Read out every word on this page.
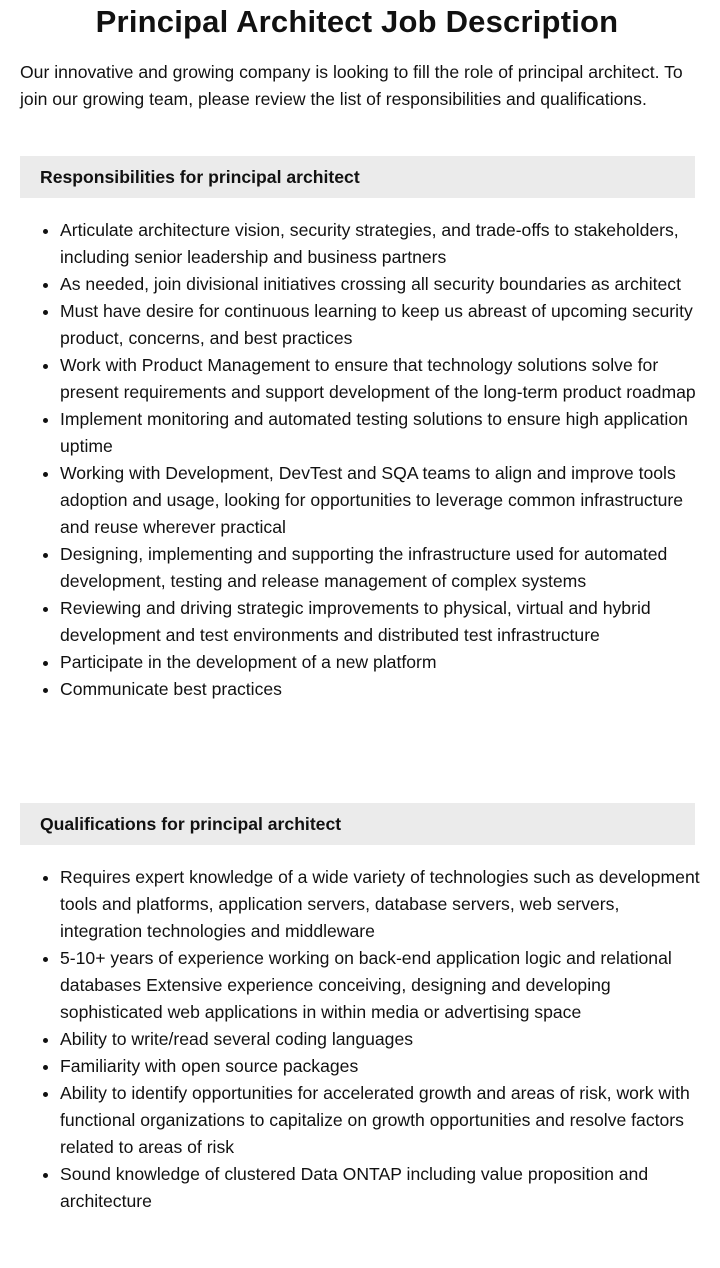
Principal Architect Job Description

Our innovative and growing company is looking to fill the role of principal architect. To join our growing team, please review the list of responsibilities and qualifications.

Responsibilities for principal architect
• Articulate architecture vision, security strategies, and trade-offs to stakeholders, including senior leadership and business partners
• As needed, join divisional initiatives crossing all security boundaries as architect
• Must have desire for continuous learning to keep us abreast of upcoming security product, concerns, and best practices
• Work with Product Management to ensure that technology solutions solve for present requirements and support development of the long-term product roadmap
• Implement monitoring and automated testing solutions to ensure high application uptime
• Working with Development, DevTest and SQA teams to align and improve tools adoption and usage, looking for opportunities to leverage common infrastructure and reuse wherever practical
• Designing, implementing and supporting the infrastructure used for automated development, testing and release management of complex systems
• Reviewing and driving strategic improvements to physical, virtual and hybrid development and test environments and distributed test infrastructure
• Participate in the development of a new platform
• Communicate best practices
Qualifications for principal architect
• Requires expert knowledge of a wide variety of technologies such as development tools and platforms, application servers, database servers, web servers, integration technologies and middleware
• 5-10+ years of experience working on back-end application logic and relational databases Extensive experience conceiving, designing and developing sophisticated web applications in within media or advertising space
• Ability to write/read several coding languages
• Familiarity with open source packages
• Ability to identify opportunities for accelerated growth and areas of risk, work with functional organizations to capitalize on growth opportunities and resolve factors related to areas of risk
• Sound knowledge of clustered Data ONTAP including value proposition and architecture
